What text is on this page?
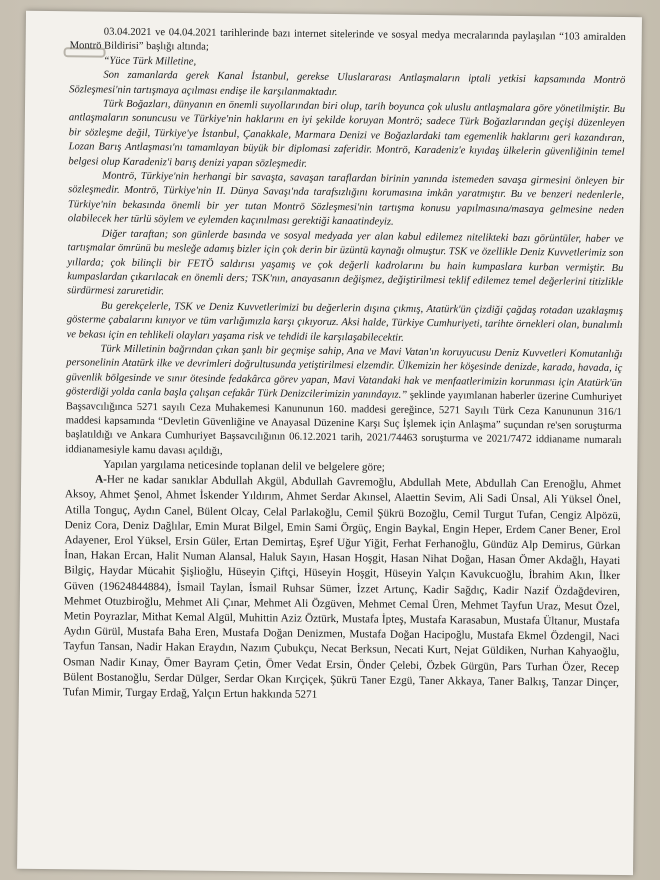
03.04.2021 ve 04.04.2021 tarihlerinde bazı internet sitelerinde ve sosyal medya mecralarında paylaşılan “103 amiralden Montrö Bildirisi” başlığı altında;

“Yüce Türk Milletine,

Son zamanlarda gerek Kanal İstanbul, gerekse Uluslararası Antlaşmaların iptali yetkisi kapsamında Montrö Sözleşmesi'nin tartışmaya açılması endişe ile karşılanmaktadır.

Türk Boğazları, dünyanın en önemli suyollarından biri olup, tarih boyunca çok uluslu antlaşmalara göre yönetilmiştir. Bu antlaşmaların sonuncusu ve Türkiye'nin haklarını en iyi şekilde koruyan Montrö; sadece Türk Boğazlarından geçişi düzenleyen bir sözleşme değil, Türkiye'ye İstanbul, Çanakkale, Marmara Denizi ve Boğazlardaki tam egemenlik haklarını geri kazandıran, Lozan Barış Antlaşması'nı tamamlayan büyük bir diplomasi zaferidir. Montrö, Karadeniz'e kıyıdaş ülkelerin güvenliğinin temel belgesi olup Karadeniz'i barış denizi yapan sözleşmedir.

Montrö, Türkiye'nin herhangi bir savaşta, savaşan taraflardan birinin yanında istemeden savaşa girmesini önleyen bir sözleşmedir. Montrö, Türkiye'nin II. Dünya Savaşı'nda tarafsızlığını korumasına imkân yaratmıştır. Bu ve benzeri nedenlerle, Türkiye'nin bekasında önemli bir yer tutan Montrö Sözleşmesi'nin tartışma konusu yapılmasına/masaya gelmesine neden olabilecek her türlü söylem ve eylemden kaçınılması gerektiği kanaatindeyiz.

Diğer taraftan; son günlerde basında ve sosyal medyada yer alan kabul edilemez nitelikteki bazı görüntüler, haber ve tartışmalar ömrünü bu mesleğe adamış bizler için çok derin bir üzüntü kaynağı olmuştur. TSK ve özellikle Deniz Kuvvetlerimiz son yıllarda; çok bilinçli bir FETÖ saldırısı yaşamış ve çok değerli kadrolarını bu hain kumpaslara kurban vermiştir. Bu kumpaslardan çıkarılacak en önemli ders; TSK'nın, anayasanın değişmez, değiştirilmesi teklif edilemez temel değerlerini titizlikle sürdürmesi zaruretidir.

Bu gerekçelerle, TSK ve Deniz Kuvvetlerimizi bu değerlerin dışına çıkmış, Atatürk'ün çizdiği çağdaş rotadan uzaklaşmış gösterme çabalarını kınıyor ve tüm varlığımızla karşı çıkıyoruz. Aksi halde, Türkiye Cumhuriyeti, tarihte örnekleri olan, bunalımlı ve bekası için en tehlikeli olayları yaşama risk ve tehdidi ile karşılaşabilecektir.

Türk Milletinin bağrından çıkan şanlı bir geçmişe sahip, Ana ve Mavi Vatan'ın koruyucusu Deniz Kuvvetleri Komutanlığı personelinin Atatürk ilke ve devrimleri doğrultusunda yetiştirilmesi elzemdir. Ülkemizin her köşesinde denizde, karada, havada, iç güvenlik bölgesinde ve sınır ötesinde fedakârca görev yapan, Mavi Vatandaki hak ve menfaatlerimizin korunması için Atatürk'ün gösterdiği yolda canla başla çalışan cefakâr Türk Denizcilerimizin yanındayız.” şeklinde yayımlanan haberler üzerine Cumhuriyet Başsavcılığınca 5271 sayılı Ceza Muhakemesi Kanununun 160. maddesi gereğince, 5271 Sayılı Türk Ceza Kanununun 316/1 maddesi kapsamında “Devletin Güvenliğine ve Anayasal Düzenine Karşı Suç İşlemek için Anlaşma” suçundan re'sen soruşturma başlatıldığı ve Ankara Cumhuriyet Başsavcılığının 06.12.2021 tarih, 2021/74463 soruşturma ve 2021/7472 iddianame numaralı iddianamesiyle kamu davası açıldığı,

Yapılan yargılama neticesinde toplanan delil ve belgelere göre;

A-Her ne kadar sanıklar Abdullah Akgül, Abdullah Gavremoğlu, Abdullah Mete, Abdullah Can Erenoğlu, Ahmet Aksoy, Ahmet Şenol, Ahmet İskender Yıldırım, Ahmet Serdar Akınsel, Alaettin Sevim, Ali Sadi Ünsal, Ali Yüksel Önel, Atilla Tonguç, Aydın Canel, Bülent Olcay, Celal Parlakoğlu, Cemil Şükrü Bozoğlu, Cemil Turgut Tufan, Cengiz Alpözü, Deniz Cora, Deniz Dağlılar, Emin Murat Bilgel, Emin Sami Örgüç, Engin Baykal, Engin Heper, Erdem Caner Bener, Erol Adayener, Erol Yüksel, Ersin Güler, Ertan Demirtaş, Eşref Uğur Yiğit, Ferhat Ferhanoğlu, Gündüz Alp Demirus, Gürkan İnan, Hakan Ercan, Halit Numan Alansal, Haluk Sayın, Hasan Hoşgit, Hasan Nihat Doğan, Hasan Ömer Akdağlı, Hayati Bilgiç, Haydar Mücahit Şişlioğlu, Hüseyin Çiftçi, Hüseyin Hoşgit, Hüseyin Yalçın Kavukcuoğlu, İbrahim Akın, İlker Güven (19624844884), İsmail Taylan, İsmail Ruhsar Sümer, İzzet Artunç, Kadir Sağdıç, Kadir Nazif Özdağdeviren, Mehmet Otuzbiroğlu, Mehmet Ali Çınar, Mehmet Ali Özgüven, Mehmet Cemal Üren, Mehmet Tayfun Uraz, Mesut Özel, Metin Poyrazlar, Mithat Kemal Algül, Muhittin Aziz Öztürk, Mustafa İpteş, Mustafa Karasabun, Mustafa Ültanur, Mustafa Aydın Gürül, Mustafa Baha Eren, Mustafa Doğan Denizmen, Mustafa Doğan Hacipoğlu, Mustafa Ekmel Özdengil, Naci Tayfun Tansan, Nadir Hakan Eraydın, Nazım Çubukçu, Necat Berksun, Necati Kurt, Nejat Güldiken, Nurhan Kahyaoğlu, Osman Nadir Kınay, Ömer Bayram Çetin, Ömer Vedat Ersin, Önder Çelebi, Özbek Gürgün, Pars Turhan Özer, Recep Bülent Bostanoğlu, Serdar Dülger, Serdar Okan Kırçiçek, Şükrü Taner Ezgü, Taner Akkaya, Taner Balkış, Tanzar Dinçer, Tufan Mimir, Turgay Erdağ, Yalçın Ertun hakkında 5271
